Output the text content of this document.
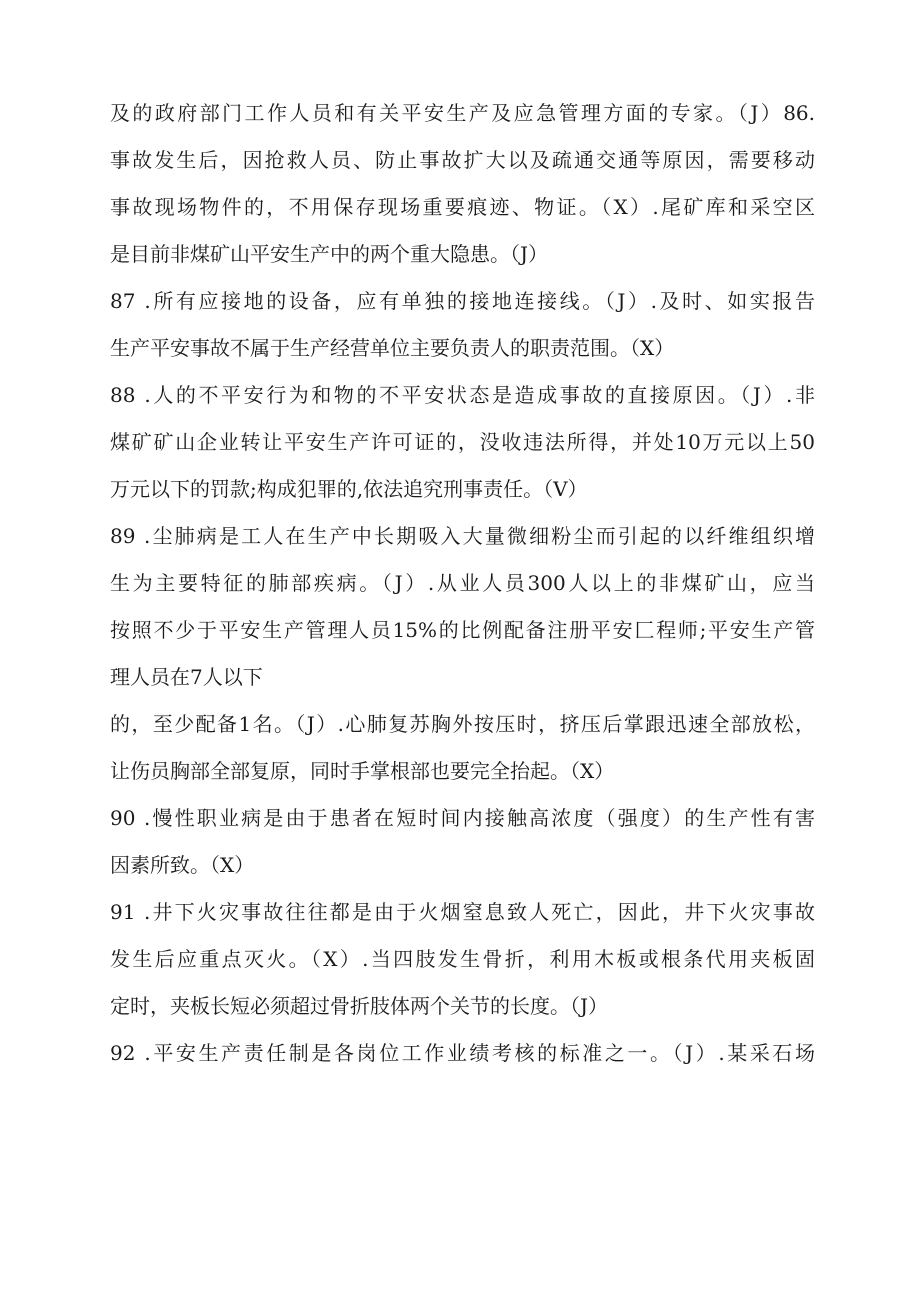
及的政府部门工作人员和有关平安生产及应急管理方面的专家。（J）86.
事故发生后，因抢救人员、防止事故扩大以及疏通交通等原因，需要移动
事故现场物件的，不用保存现场重要痕迹、物证。（X）.尾矿库和采空区
是目前非煤矿山平安生产中的两个重大隐患。（J）
87 .所有应接地的设备，应有单独的接地连接线。（J）.及时、如实报告
生产平安事故不属于生产经营单位主要负责人的职责范围。（X）
88 .人的不平安行为和物的不平安状态是造成事故的直接原因。（J）.非
煤矿矿山企业转让平安生产许可证的，没收违法所得，并处10万元以上50
万元以下的罚款;构成犯罪的,依法追究刑事责任。（V）
89 .尘肺病是工人在生产中长期吸入大量微细粉尘而引起的以纤维组织增
生为主要特征的肺部疾病。（J）.从业人员300人以上的非煤矿山，应当
按照不少于平安生产管理人员15%的比例配备注册平安匚程师;平安生产管
理人员在7人以下
的，至少配备1名。（J）.心肺复苏胸外按压时，挤压后掌跟迅速全部放松，
让伤员胸部全部复原，同时手掌根部也要完全抬起。（X）
90 .慢性职业病是由于患者在短时间内接触高浓度（强度）的生产性有害
因素所致。（X）
91 .井下火灾事故往往都是由于火烟窒息致人死亡，因此，井下火灾事故
发生后应重点灭火。（X）.当四肢发生骨折，利用木板或根条代用夹板固
定时，夹板长短必须超过骨折肢体两个关节的长度。（J）
92 .平安生产责任制是各岗位工作业绩考核的标准之一。（J）.某采石场
